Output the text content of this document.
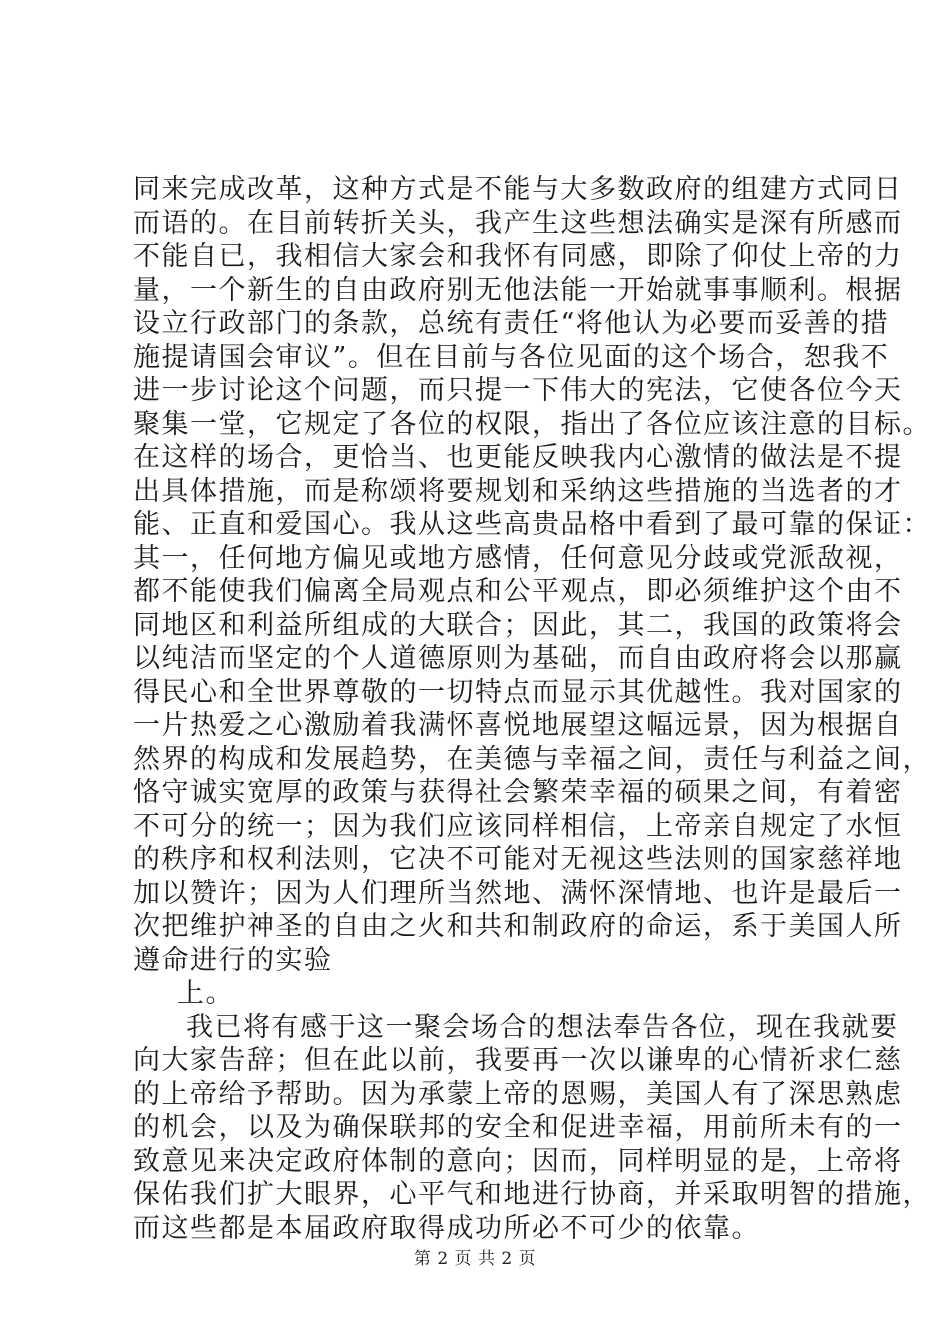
同来完成改革，这种方式是不能与大多数政府的组建方式同日

而语的。在目前转折关头，我产生这些想法确实是深有所感而

不能自已，我相信大家会和我怀有同感，即除了仰仗上帝的力

量，一个新生的自由政府别无他法能一开始就事事顺利。根据

设立行政部门的条款，总统有责任“将他认为必要而妥善的措

施提请国会审议”。但在目前与各位见面的这个场合，恕我不

进一步讨论这个问题，而只提一下伟大的宪法，它使各位今天

聚集一堂，它规定了各位的权限，指出了各位应该注意的目标。

在这样的场合，更恰当、也更能反映我内心激情的做法是不提

出具体措施，而是称颂将要规划和采纳这些措施的当选者的才

能、正直和爱国心。我从这些高贵品格中看到了最可靠的保证：

其一，任何地方偏见或地方感情，任何意见分歧或党派敌视，

都不能使我们偏离全局观点和公平观点，即必须维护这个由不

同地区和利益所组成的大联合；因此，其二，我国的政策将会

以纯洁而坚定的个人道德原则为基础，而自由政府将会以那赢

得民心和全世界尊敬的一切特点而显示其优越性。我对国家的

一片热爱之心激励着我满怀喜悦地展望这幅远景，因为根据自

然界的构成和发展趋势，在美德与幸福之间，责任与利益之间，

恪守诚实宽厚的政策与获得社会繁荣幸福的硕果之间，有着密

不可分的统一；因为我们应该同样相信，上帝亲自规定了水恒

的秩序和权利法则，它决不可能对无视这些法则的国家慈祥地

加以赞许；因为人们理所当然地、满怀深情地、也许是最后一

次把维护神圣的自由之火和共和制政府的命运，系于美国人所

遵命进行的实验

上。

我已将有感于这一聚会场合的想法奉告各位，现在我就要

向大家告辞；但在此以前，我要再一次以谦卑的心情祈求仁慈

的上帝给予帮助。因为承蒙上帝的恩赐，美国人有了深思熟虑

的机会，以及为确保联邦的安全和促进幸福，用前所未有的一

致意见来决定政府体制的意向；因而，同样明显的是，上帝将

保佑我们扩大眼界，心平气和地进行协商，并采取明智的措施，

而这些都是本届政府取得成功所必不可少的依靠。

第 2 页 共 2 页
